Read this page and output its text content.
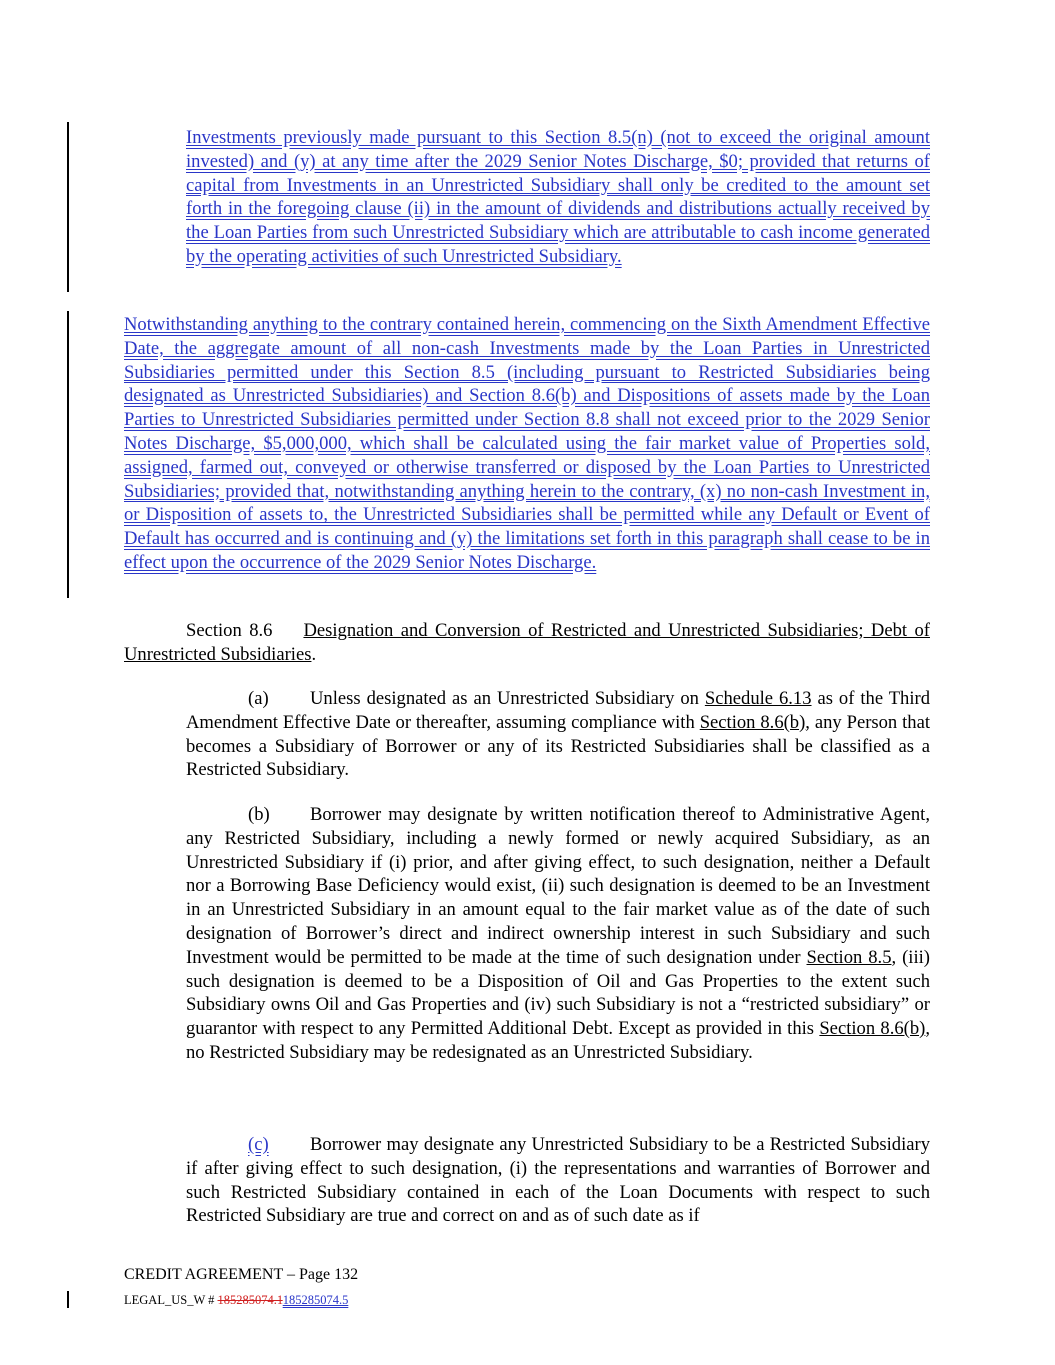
Investments previously made pursuant to this Section 8.5(n) (not to exceed the original amount invested) and (y) at any time after the 2029 Senior Notes Discharge, $0; provided that returns of capital from Investments in an Unrestricted Subsidiary shall only be credited to the amount set forth in the foregoing clause (ii) in the amount of dividends and distributions actually received by the Loan Parties from such Unrestricted Subsidiary which are attributable to cash income generated by the operating activities of such Unrestricted Subsidiary.

Notwithstanding anything to the contrary contained herein, commencing on the Sixth Amendment Effective Date, the aggregate amount of all non-cash Investments made by the Loan Parties in Unrestricted Subsidiaries permitted under this Section 8.5 (including pursuant to Restricted Subsidiaries being designated as Unrestricted Subsidiaries) and Section 8.6(b) and Dispositions of assets made by the Loan Parties to Unrestricted Subsidiaries permitted under Section 8.8 shall not exceed prior to the 2029 Senior Notes Discharge, $5,000,000, which shall be calculated using the fair market value of Properties sold, assigned, farmed out, conveyed or otherwise transferred or disposed by the Loan Parties to Unrestricted Subsidiaries; provided that, notwithstanding anything herein to the contrary, (x) no non-cash Investment in, or Disposition of assets to, the Unrestricted Subsidiaries shall be permitted while any Default or Event of Default has occurred and is continuing and (y) the limitations set forth in this paragraph shall cease to be in effect upon the occurrence of the 2029 Senior Notes Discharge.

Section 8.6 Designation and Conversion of Restricted and Unrestricted Subsidiaries; Debt of Unrestricted Subsidiaries.

(a) Unless designated as an Unrestricted Subsidiary on Schedule 6.13 as of the Third Amendment Effective Date or thereafter, assuming compliance with Section 8.6(b), any Person that becomes a Subsidiary of Borrower or any of its Restricted Subsidiaries shall be classified as a Restricted Subsidiary.

(b) Borrower may designate by written notification thereof to Administrative Agent, any Restricted Subsidiary, including a newly formed or newly acquired Subsidiary, as an Unrestricted Subsidiary if (i) prior, and after giving effect, to such designation, neither a Default nor a Borrowing Base Deficiency would exist, (ii) such designation is deemed to be an Investment in an Unrestricted Subsidiary in an amount equal to the fair market value as of the date of such designation of Borrower’s direct and indirect ownership interest in such Subsidiary and such Investment would be permitted to be made at the time of such designation under Section 8.5, (iii) such designation is deemed to be a Disposition of Oil and Gas Properties to the extent such Subsidiary owns Oil and Gas Properties and (iv) such Subsidiary is not a “restricted subsidiary” or guarantor with respect to any Permitted Additional Debt. Except as provided in this Section 8.6(b), no Restricted Subsidiary may be redesignated as an Unrestricted Subsidiary.

(c) Borrower may designate any Unrestricted Subsidiary to be a Restricted Subsidiary if after giving effect to such designation, (i) the representations and warranties of Borrower and such Restricted Subsidiary contained in each of the Loan Documents with respect to such Restricted Subsidiary are true and correct on and as of such date as if

CREDIT AGREEMENT – Page 132
LEGAL_US_W # 185285074.1185285074.5
